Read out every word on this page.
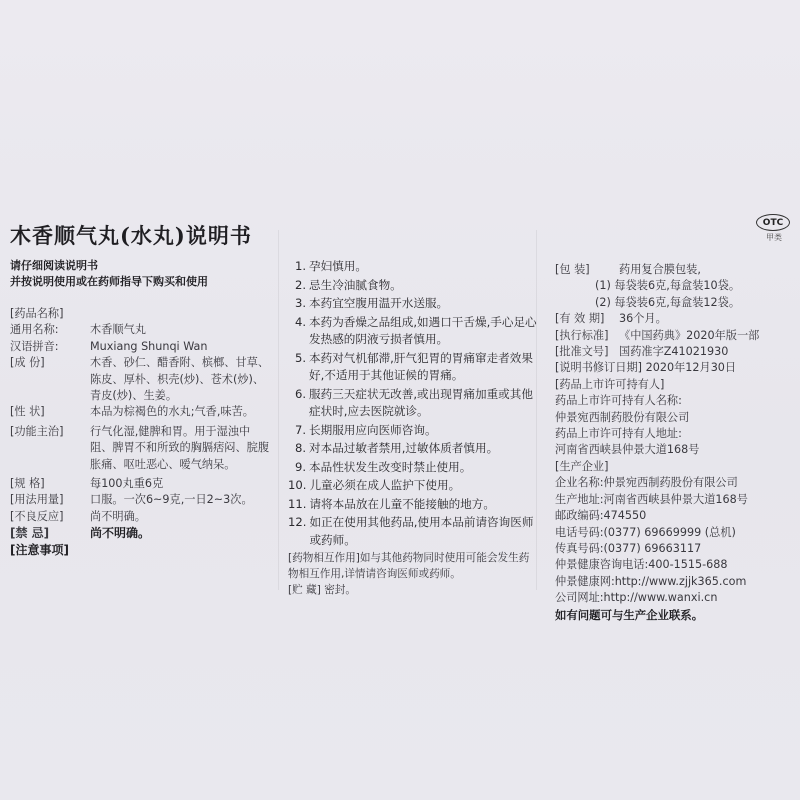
木香顺气丸(水丸)说明书	OTC
甲类
请仔细阅读说明书
并按说明使用或在药师指导下购买和使用
[药品名称]
通用名称:	木香顺气丸
汉语拼音:	Muxiang Shunqi Wan
[成 份]	木香、砂仁、醋香附、槟榔、甘草、陈皮、厚朴、枳壳(炒)、苍术(炒)、青皮(炒)、生姜。
[性 状]	本品为棕褐色的水丸;气香,味苦。
[功能主治]	行气化湿,健脾和胃。用于湿浊中阻、脾胃不和所致的胸膈痞闷、脘腹胀痛、呕吐恶心、嗳气纳呆。
[规 格]	每100丸重6克
[用法用量]	口服。一次6~9克,一日2~3次。
[不良反应]	尚不明确。
[禁 忌]	尚不明确。
[注意事项]
1. 孕妇慎用。
2. 忌生冷油腻食物。
3. 本药宜空腹用温开水送服。
4. 本药为香燥之品组成,如遇口干舌燥,手心足心发热感的阴液亏损者慎用。
5. 本药对气机郁滞,肝气犯胃的胃痛窜走者效果好,不适用于其他证候的胃痛。
6. 服药三天症状无改善,或出现胃痛加重或其他症状时,应去医院就诊。
7. 长期服用应向医师咨询。
8. 对本品过敏者禁用,过敏体质者慎用。
9. 本品性状发生改变时禁止使用。
10. 儿童必须在成人监护下使用。
11. 请将本品放在儿童不能接触的地方。
12. 如正在使用其他药品,使用本品前请咨询医师或药师。
[药物相互作用]如与其他药物同时使用可能会发生药物相互作用,详情请咨询医师或药师。
[贮 藏] 密封。
[包 装]	药用复合膜包装,
(1) 每袋装6克,每盒装10袋。
(2) 每袋装6克,每盒装12袋。
[有 效 期]	36个月。
[执行标准] 《中国药典》2020年版一部
[批准文号] 国药准字Z41021930
[说明书修订日期] 2020年12月30日
[药品上市许可持有人]
药品上市许可持有人名称:
仲景宛西制药股份有限公司
药品上市许可持有人地址:
河南省西峡县仲景大道168号
[生产企业]
企业名称:仲景宛西制药股份有限公司
生产地址:河南省西峡县仲景大道168号
邮政编码:474550
电话号码:(0377) 69669999 (总机)
传真号码:(0377) 69663117
仲景健康咨询电话:400-1515-688
仲景健康网:http://www.zjjk365.com
公司网址:http://www.wanxi.cn
如有问题可与生产企业联系。
